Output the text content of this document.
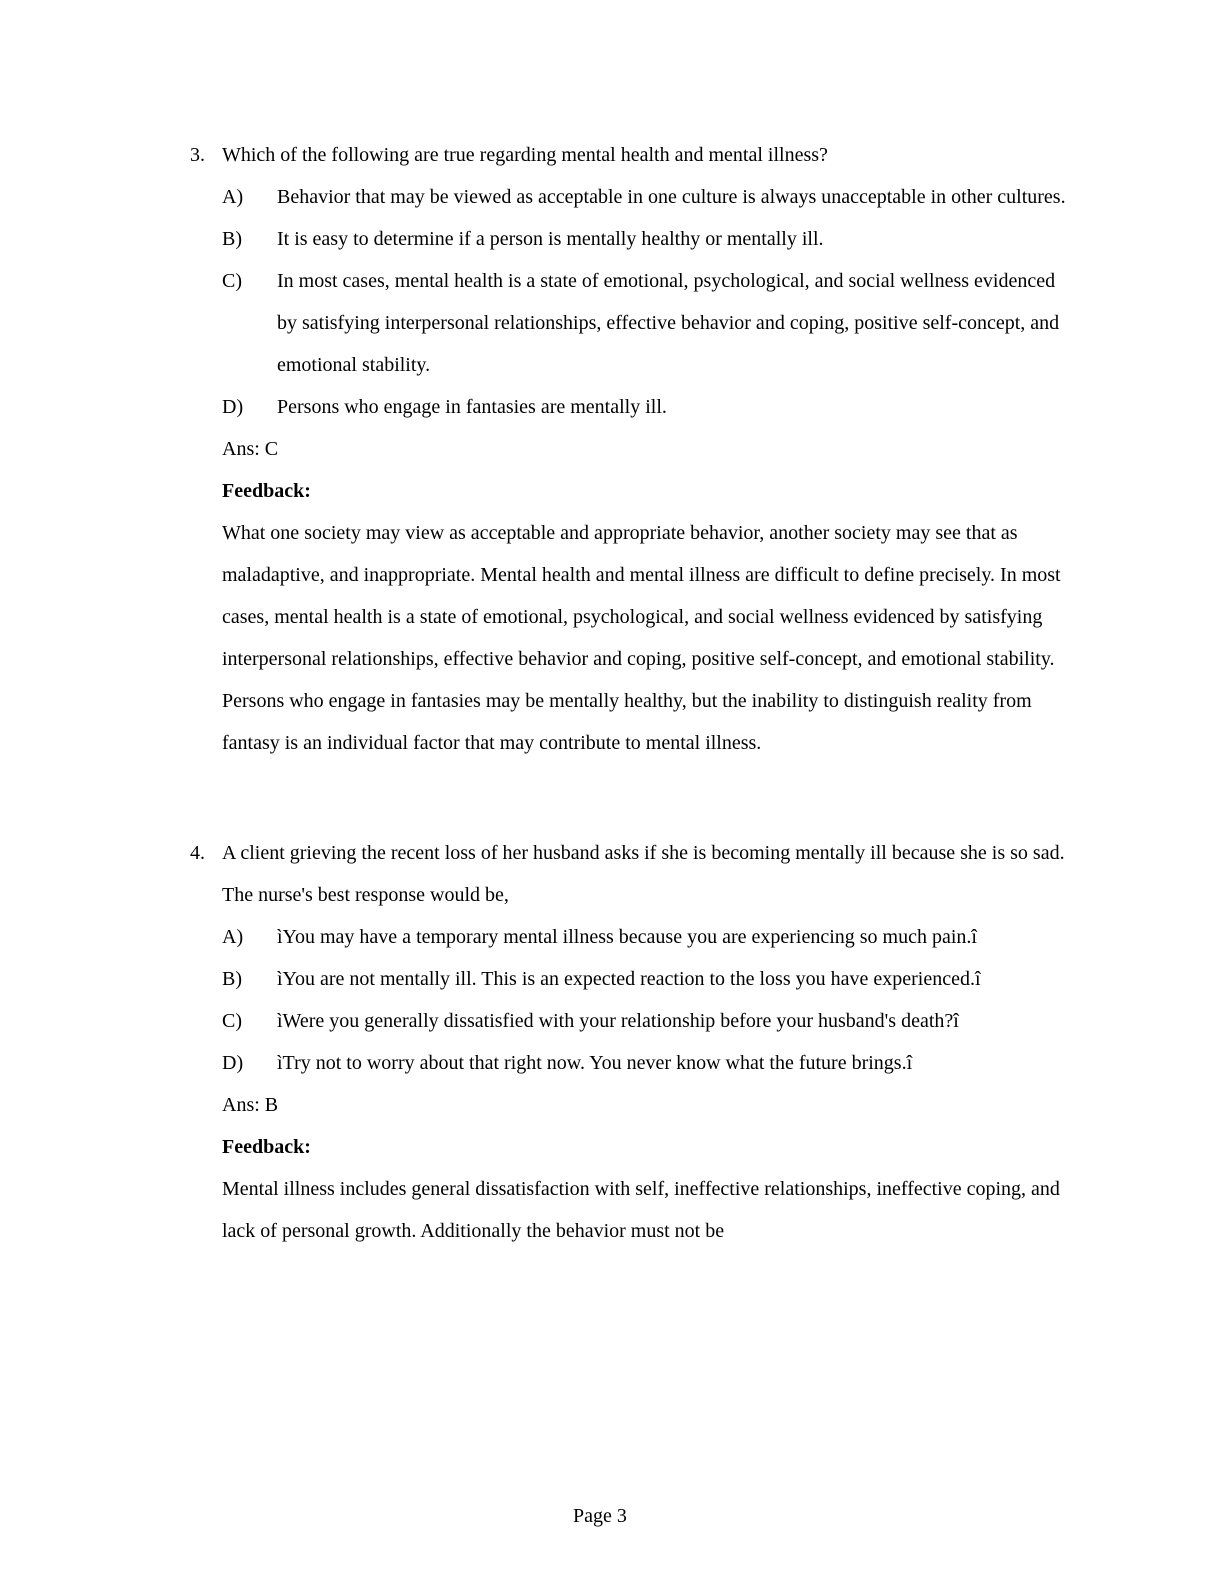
3. Which of the following are true regarding mental health and mental illness?
A)	Behavior that may be viewed as acceptable in one culture is always unacceptable in other cultures.
B)	It is easy to determine if a person is mentally healthy or mentally ill.
C)	In most cases, mental health is a state of emotional, psychological, and social wellness evidenced by satisfying interpersonal relationships, effective behavior and coping, positive self-concept, and emotional stability.
D)	Persons who engage in fantasies are mentally ill.
Ans: C
Feedback:
What one society may view as acceptable and appropriate behavior, another society may see that as maladaptive, and inappropriate. Mental health and mental illness are difficult to define precisely. In most cases, mental health is a state of emotional, psychological, and social wellness evidenced by satisfying interpersonal relationships, effective behavior and coping, positive self-concept, and emotional stability. Persons who engage in fantasies may be mentally healthy, but the inability to distinguish reality from fantasy is an individual factor that may contribute to mental illness.
4. A client grieving the recent loss of her husband asks if she is becoming mentally ill because she is so sad. The nurse's best response would be,
A)	ìYou may have a temporary mental illness because you are experiencing so much pain.î
B)	ìYou are not mentally ill. This is an expected reaction to the loss you have experienced.î
C)	ìWere you generally dissatisfied with your relationship before your husband's death?î
D)	ìTry not to worry about that right now. You never know what the future brings.î
Ans: B
Feedback:
Mental illness includes general dissatisfaction with self, ineffective relationships, ineffective coping, and lack of personal growth. Additionally the behavior must not be
Page 3
